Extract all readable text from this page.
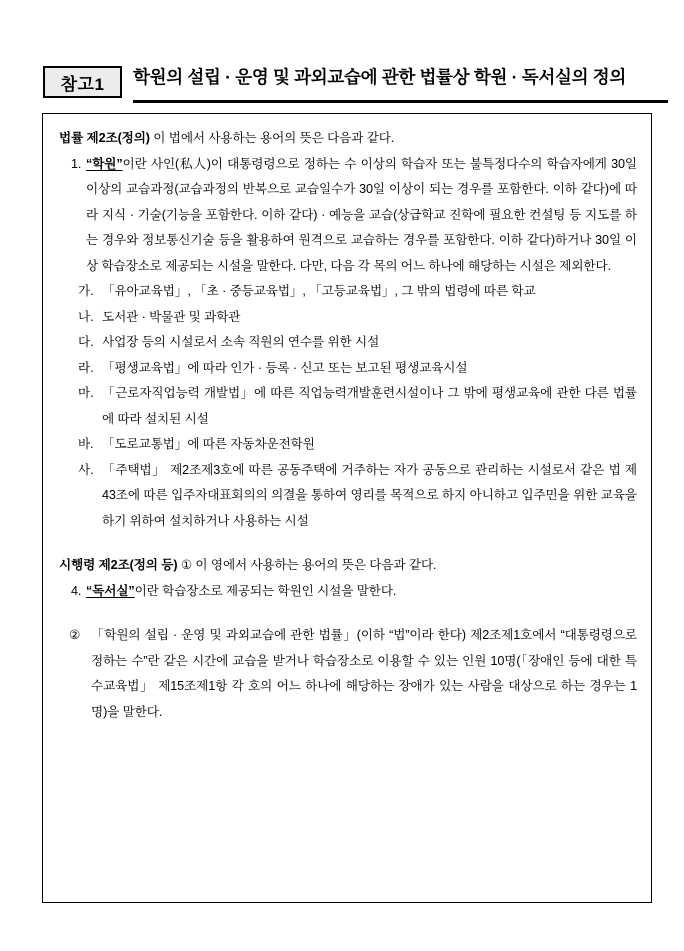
참고1	학원의 설립 · 운영 및 과외교습에 관한 법률상 학원 · 독서실의 정의
법률 제2조(정의) 이 법에서 사용하는 용어의 뜻은 다음과 같다.
1. “학원”이란 사인(私人)이 대통령령으로 정하는 수 이상의 학습자 또는 불특정다수의 학습자에게 30일 이상의 교습과정(교습과정의 반복으로 교습일수가 30일 이상이 되는 경우를 포함한다. 이하 같다)에 따라 지식 · 기술(기능을 포함한다. 이하 같다) · 예능을 교습(상급학교 진학에 필요한 컨설팅 등 지도를 하는 경우와 정보통신기술 등을 활용하여 원격으로 교습하는 경우를 포함한다. 이하 같다)하거나 30일 이상 학습장소로 제공되는 시설을 말한다. 다만, 다음 각 목의 어느 하나에 해당하는 시설은 제외한다.
가. 「유아교육법」, 「초 · 중등교육법」, 「고등교육법」, 그 밖의 법령에 따른 학교
나. 도서관 · 박물관 및 과학관
다. 사업장 등의 시설로서 소속 직원의 연수를 위한 시설
라. 「평생교육법」에 따라 인가 · 등록 · 신고 또는 보고된 평생교육시설
마. 「근로자직업능력 개발법」에 따른 직업능력개발훈련시설이나 그 밖에 평생교육에 관한 다른 법률에 따라 설치된 시설
바. 「도로교통법」에 따른 자동차운전학원
사. 「주택법」 제2조제3호에 따른 공동주택에 거주하는 자가 공동으로 관리하는 시설로서 같은 법 제43조에 따른 입주자대표회의의 의결을 통하여 영리를 목적으로 하지 아니하고 입주민을 위한 교육을 하기 위하여 설치하거나 사용하는 시설
시행령 제2조(정의 등) ① 이 영에서 사용하는 용어의 뜻은 다음과 같다.
4. “독서실”이란 학습장소로 제공되는 학원인 시설을 말한다.
② 「학원의 설립 · 운영 및 과외교습에 관한 법률」(이하 “법”이라 한다) 제2조제1호에서 “대통령령으로 정하는 수”란 같은 시간에 교습을 받거나 학습장소로 이용할 수 있는 인원 10명(「장애인 등에 대한 특수교육법」 제15조제1항 각 호의 어느 하나에 해당하는 장애가 있는 사람을 대상으로 하는 경우는 1명)을 말한다.
